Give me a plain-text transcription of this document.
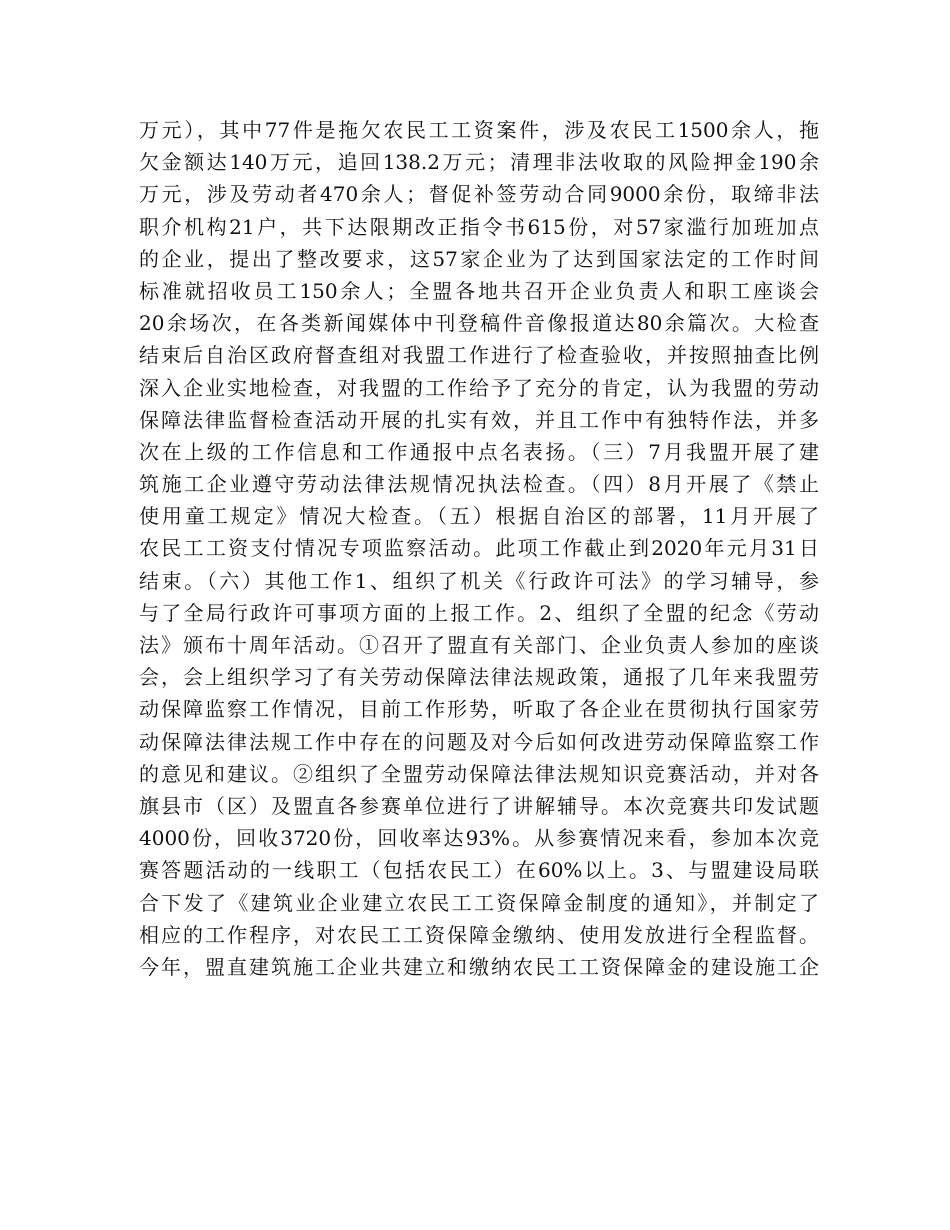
万元），其中77件是拖欠农民工工资案件，涉及农民工1500余人，拖
欠金额达140万元，追回138.2万元；清理非法收取的风险押金190余
万元，涉及劳动者470余人；督促补签劳动合同9000余份，取缔非法
职介机构21户，共下达限期改正指令书615份，对57家滥行加班加点
的企业，提出了整改要求，这57家企业为了达到国家法定的工作时间
标准就招收员工150余人；全盟各地共召开企业负责人和职工座谈会
20余场次，在各类新闻媒体中刊登稿件音像报道达80余篇次。大检查
结束后自治区政府督查组对我盟工作进行了检查验收，并按照抽查比例
深入企业实地检查，对我盟的工作给予了充分的肯定，认为我盟的劳动
保障法律监督检查活动开展的扎实有效，并且工作中有独特作法，并多
次在上级的工作信息和工作通报中点名表扬。（三）7月我盟开展了建
筑施工企业遵守劳动法律法规情况执法检查。（四）8月开展了《禁止
使用童工规定》情况大检查。（五）根据自治区的部署，11月开展了
农民工工资支付情况专项监察活动。此项工作截止到2020年元月31日
结束。（六）其他工作1、组织了机关《行政许可法》的学习辅导，参
与了全局行政许可事项方面的上报工作。2、组织了全盟的纪念《劳动
法》颁布十周年活动。①召开了盟直有关部门、企业负责人参加的座谈
会，会上组织学习了有关劳动保障法律法规政策，通报了几年来我盟劳
动保障监察工作情况，目前工作形势，听取了各企业在贯彻执行国家劳
动保障法律法规工作中存在的问题及对今后如何改进劳动保障监察工作
的意见和建议。②组织了全盟劳动保障法律法规知识竞赛活动，并对各
旗县市（区）及盟直各参赛单位进行了讲解辅导。本次竞赛共印发试题
4000份，回收3720份，回收率达93%。从参赛情况来看，参加本次竞
赛答题活动的一线职工（包括农民工）在60%以上。3、与盟建设局联
合下发了《建筑业企业建立农民工工资保障金制度的通知》，并制定了
相应的工作程序，对农民工工资保障金缴纳、使用发放进行全程监督。
今年，盟直建筑施工企业共建立和缴纳农民工工资保障金的建设施工企
